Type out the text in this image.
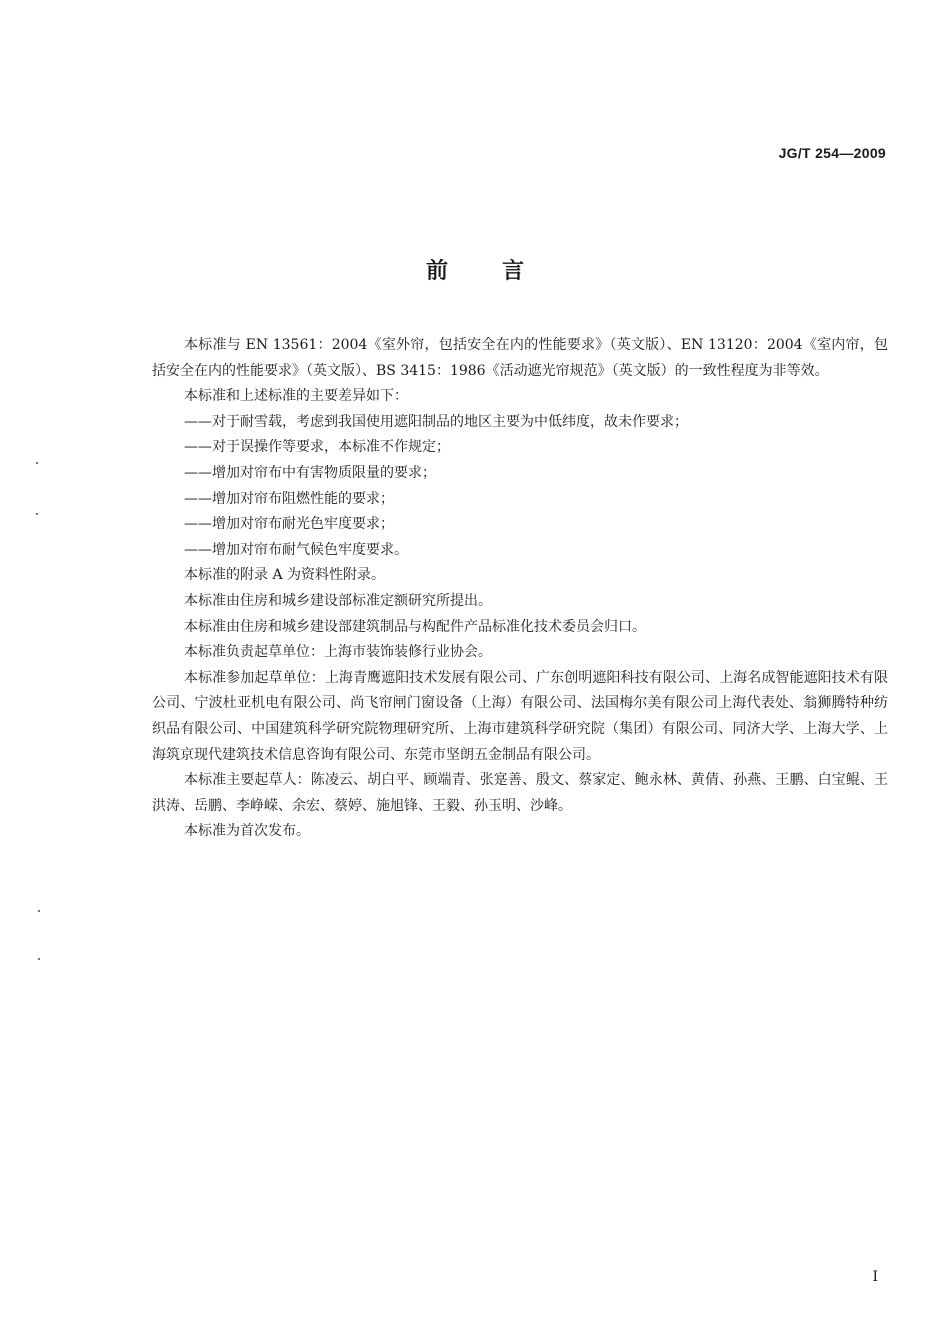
JG/T 254—2009
前言

本标准与 EN 13561：2004《室外帘，包括安全在内的性能要求》（英文版）、EN 13120：2004《室内帘，包括安全在内的性能要求》（英文版）、BS 3415：1986《活动遮光帘规范》（英文版）的一致性程度为非等效。

本标准和上述标准的主要差异如下：

——对于耐雪载，考虑到我国使用遮阳制品的地区主要为中低纬度，故未作要求；

——对于误操作等要求，本标准不作规定；

——增加对帘布中有害物质限量的要求；

——增加对帘布阻燃性能的要求；

——增加对帘布耐光色牢度要求；

——增加对帘布耐气候色牢度要求。

本标准的附录 A 为资料性附录。

本标准由住房和城乡建设部标准定额研究所提出。

本标准由住房和城乡建设部建筑制品与构配件产品标准化技术委员会归口。

本标准负责起草单位：上海市装饰装修行业协会。

本标准参加起草单位：上海青鹰遮阳技术发展有限公司、广东创明遮阳科技有限公司、上海名成智能遮阳技术有限公司、宁波杜亚机电有限公司、尚飞帘闸门窗设备（上海）有限公司、法国梅尔美有限公司上海代表处、翁狮腾特种纺织品有限公司、中国建筑科学研究院物理研究所、上海市建筑科学研究院（集团）有限公司、同济大学、上海大学、上海筑京现代建筑技术信息咨询有限公司、东莞市坚朗五金制品有限公司。

本标准主要起草人：陈凌云、胡白平、顾端青、张寔善、殷文、蔡家定、鲍永林、黄倩、孙燕、王鹏、白宝鲲、王洪涛、岳鹏、李峥嵘、余宏、蔡婷、施旭锋、王毅、孙玉明、沙峰。

本标准为首次发布。

I
